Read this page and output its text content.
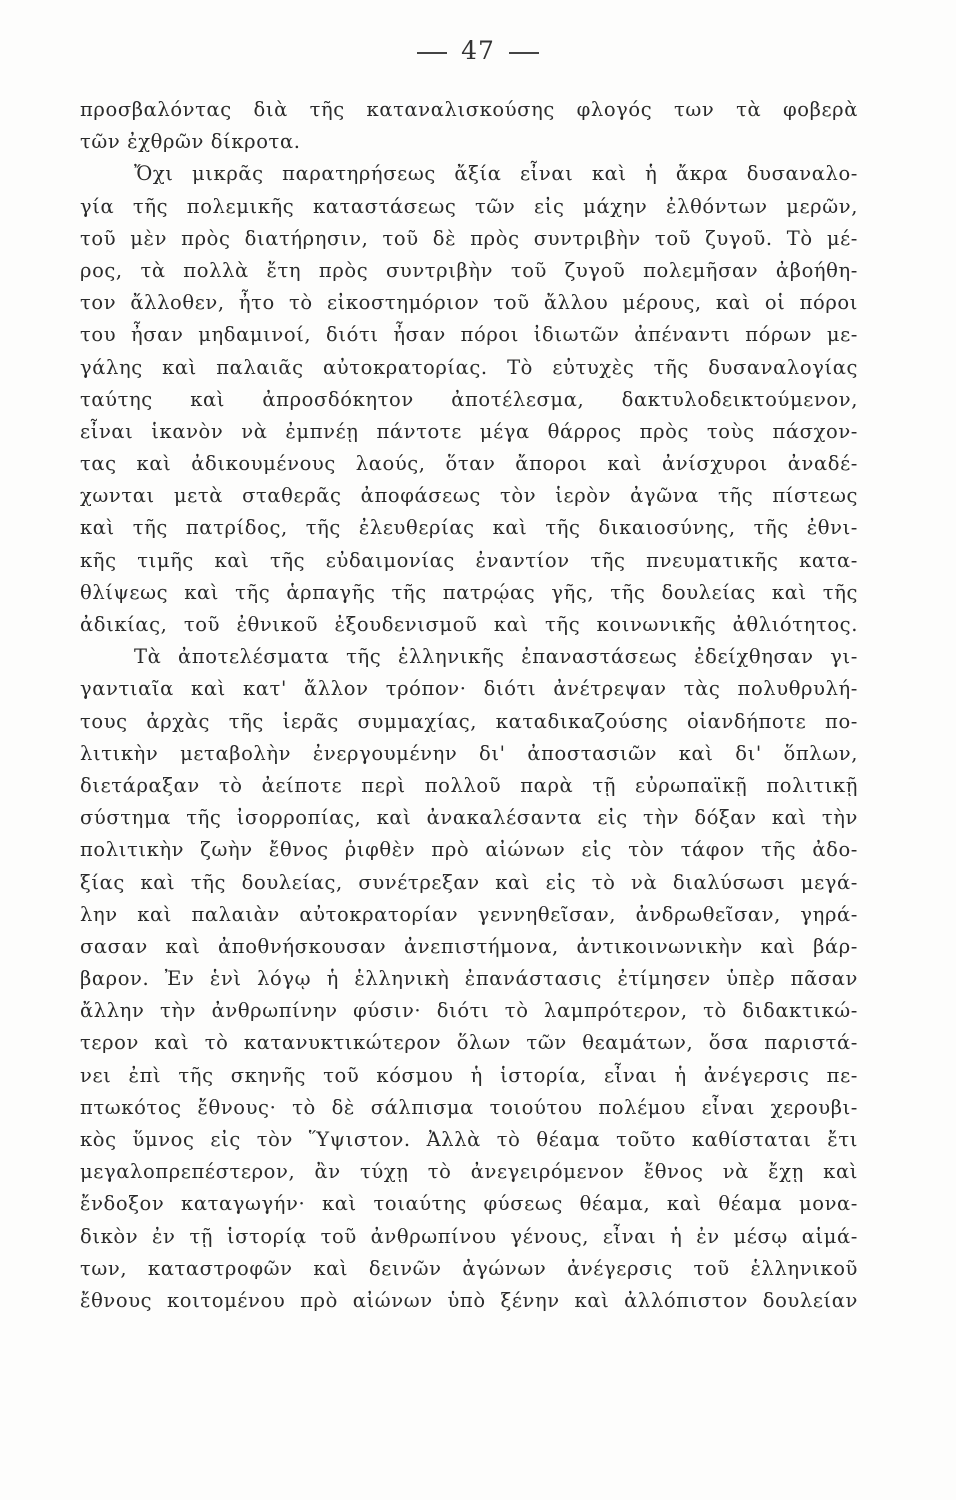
47
προσβαλόντας διὰ τῆς καταναλισκούσης φλογός των τὰ φοβερὰ
τῶν ἐχθρῶν δίκροτα.
Ὄχι μικρᾶς παρατηρήσεως ἄξία εἶναι καὶ ἡ ἄκρα δυσαναλο-
γία τῆς πολεμικῆς καταστάσεως τῶν εἰς μάχην ἐλθόντων μερῶν,
τοῦ μὲν πρὸς διατήρησιν, τοῦ δὲ πρὸς συντριβὴν τοῦ ζυγοῦ. Τὸ μέ-
ρος, τὰ πολλὰ ἔτη πρὸς συντριβὴν τοῦ ζυγοῦ πολεμῆσαν ἀβοήθη-
τον ἄλλοθεν, ἦτο τὸ εἰκοστημόριον τοῦ ἄλλου μέρους, καὶ οἱ πόροι
του ἦσαν μηδαμινοί, διότι ἦσαν πόροι ἰδιωτῶν ἀπέναντι πόρων με-
γάλης καὶ παλαιᾶς αὐτοκρατορίας. Τὸ εὐτυχὲς τῆς δυσαναλογίας
ταύτης καὶ ἀπροσδόκητον ἀποτέλεσμα, δακτυλοδεικτούμενον,
εἶναι ἱκανὸν νὰ ἐμπνέῃ πάντοτε μέγα θάρρος πρὸς τοὺς πάσχον-
τας καὶ ἀδικουμένους λαούς, ὅταν ἄποροι καὶ ἀνίσχυροι ἀναδέ-
χωνται μετὰ σταθερᾶς ἀποφάσεως τὸν ἱερὸν ἀγῶνα τῆς πίστεως
καὶ τῆς πατρίδος, τῆς ἐλευθερίας καὶ τῆς δικαιοσύνης, τῆς ἐθνι-
κῆς τιμῆς καὶ τῆς εὐδαιμονίας ἐναντίον τῆς πνευματικῆς κατα-
θλίψεως καὶ τῆς ἁρπαγῆς τῆς πατρῴας γῆς, τῆς δουλείας καὶ τῆς
ἀδικίας, τοῦ ἐθνικοῦ ἐξουδενισμοῦ καὶ τῆς κοινωνικῆς ἀθλιότητος.
Τὰ ἀποτελέσματα τῆς ἑλληνικῆς ἐπαναστάσεως ἐδείχθησαν γι-
γαντιαῖα καὶ κατ' ἄλλον τρόπον· διότι ἀνέτρεψαν τὰς πολυθρυλή-
τους ἀρχὰς τῆς ἱερᾶς συμμαχίας, καταδικαζούσης οἱανδήποτε πο-
λιτικὴν μεταβολὴν ἐνεργουμένην δι' ἀποστασιῶν καὶ δι' ὅπλων,
διετάραξαν τὸ ἀείποτε περὶ πολλοῦ παρὰ τῇ εὐρωπαϊκῇ πολιτικῇ
σύστημα τῆς ἰσορροπίας, καὶ ἀνακαλέσαντα εἰς τὴν δόξαν καὶ τὴν
πολιτικὴν ζωὴν ἔθνος ῥιφθὲν πρὸ αἰώνων εἰς τὸν τάφον τῆς ἀδο-
ξίας καὶ τῆς δουλείας, συνέτρεξαν καὶ εἰς τὸ νὰ διαλύσωσι μεγά-
λην καὶ παλαιὰν αὐτοκρατορίαν γεννηθεῖσαν, ἀνδρωθεῖσαν, γηρά-
σασαν καὶ ἀποθνήσκουσαν ἀνεπιστήμονα, ἀντικοινωνικὴν καὶ βάρ-
βαρον. Ἐν ἑνὶ λόγῳ ἡ ἑλληνικὴ ἐπανάστασις ἐτίμησεν ὑπὲρ πᾶσαν
ἄλλην τὴν ἀνθρωπίνην φύσιν· διότι τὸ λαμπρότερον, τὸ διδακτικώ-
τερον καὶ τὸ κατανυκτικώτερον ὅλων τῶν θεαμάτων, ὅσα παριστά-
νει ἐπὶ τῆς σκηνῆς τοῦ κόσμου ἡ ἱστορία, εἶναι ἡ ἀνέγερσις πε-
πτωκότος ἔθνους· τὸ δὲ σάλπισμα τοιούτου πολέμου εἶναι χερουβι-
κὸς ὕμνος εἰς τὸν Ὕψιστον. Ἀλλὰ τὸ θέαμα τοῦτο καθίσταται ἔτι
μεγαλοπρεπέστερον, ἂν τύχῃ τὸ ἀνεγειρόμενον ἔθνος νὰ ἔχῃ καὶ
ἔνδοξον καταγωγήν· καὶ τοιαύτης φύσεως θέαμα, καὶ θέαμα μονα-
δικὸν ἐν τῇ ἱστορίᾳ τοῦ ἀνθρωπίνου γένους, εἶναι ἡ ἐν μέσῳ αἱμά-
των, καταστροφῶν καὶ δεινῶν ἀγώνων ἀνέγερσις τοῦ ἑλληνικοῦ
ἔθνους κοιτομένου πρὸ αἰώνων ὑπὸ ξένην καὶ ἀλλόπιστον δουλείαν
